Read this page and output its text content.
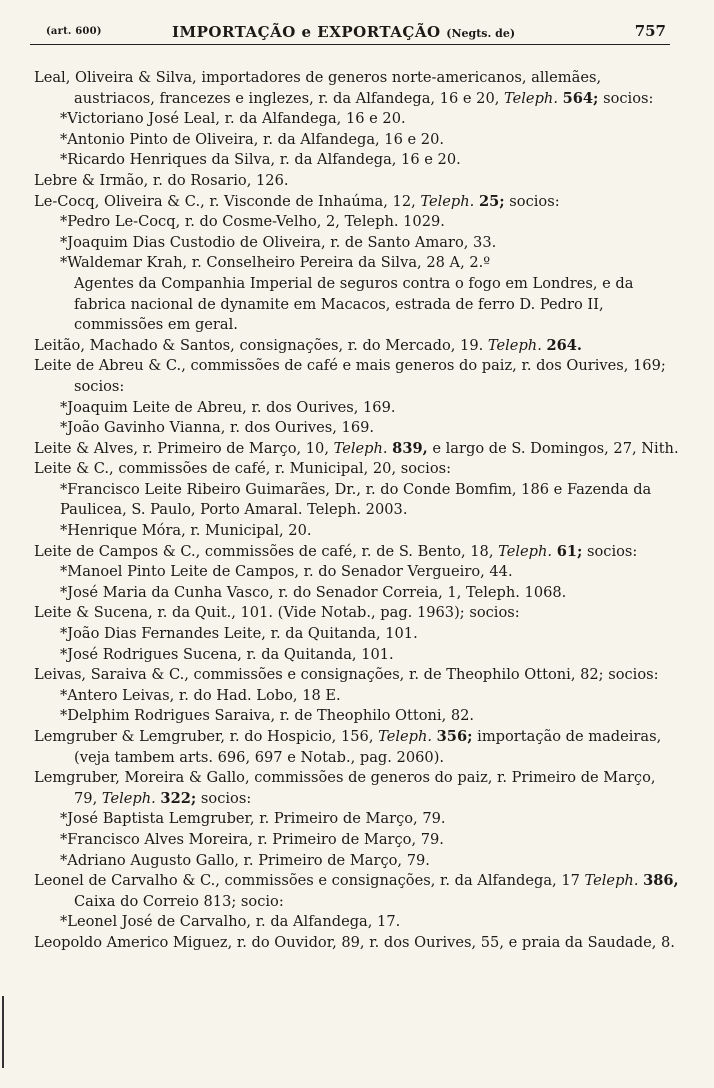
(art. 600)	IMPORTAÇÃO e EXPORTAÇÃO (Negts. de)	757
Leal, Oliveira & Silva, importadores de generos norte-americanos, allemães, austriacos, francezes e inglezes, r. da Alfandega, 16 e 20, Teleph. 564; socios:
*Victoriano José Leal, r. da Alfandega, 16 e 20.
*Antonio Pinto de Oliveira, r. da Alfandega, 16 e 20.
*Ricardo Henriques da Silva, r. da Alfandega, 16 e 20.
Lebre & Irmão, r. do Rosario, 126.
Le-Cocq, Oliveira & C., r. Visconde de Inhaúma, 12, Teleph. 25; socios:
*Pedro Le-Cocq, r. do Cosme-Velho, 2, Teleph. 1029.
*Joaquim Dias Custodio de Oliveira, r. de Santo Amaro, 33.
*Waldemar Krah, r. Conselheiro Pereira da Silva, 28 A, 2.º
Agentes da Companhia Imperial de seguros contra o fogo em Londres, e da fabrica nacional de dynamite em Macacos, estrada de ferro D. Pedro II, commissões em geral.
Leitão, Machado & Santos, consignações, r. do Mercado, 19. Teleph. 264.
Leite de Abreu & C., commissões de café e mais generos do paiz, r. dos Ourives, 169; socios:
*Joaquim Leite de Abreu, r. dos Ourives, 169.
*João Gavinho Vianna, r. dos Ourives, 169.
Leite & Alves, r. Primeiro de Março, 10, Teleph. 839, e largo de S. Domingos, 27, Nith.
Leite & C., commissões de café, r. Municipal, 20, socios:
*Francisco Leite Ribeiro Guimarães, Dr., r. do Conde Bomfim, 186 e Fazenda da Paulicea, S. Paulo, Porto Amaral. Teleph. 2003.
*Henrique Móra, r. Municipal, 20.
Leite de Campos & C., commissões de café, r. de S. Bento, 18, Teleph. 61; socios:
*Manoel Pinto Leite de Campos, r. do Senador Vergueiro, 44.
*José Maria da Cunha Vasco, r. do Senador Correia, 1, Teleph. 1068.
Leite & Sucena, r. da Quit., 101. (Vide Notab., pag. 1963); socios:
*João Dias Fernandes Leite, r. da Quitanda, 101.
*José Rodrigues Sucena, r. da Quitanda, 101.
Leivas, Saraiva & C., commissões e consignações, r. de Theophilo Ottoni, 82; socios:
*Antero Leivas, r. do Had. Lobo, 18 E.
*Delphim Rodrigues Saraiva, r. de Theophilo Ottoni, 82.
Lemgruber & Lemgruber, r. do Hospicio, 156, Teleph. 356; importação de madeiras, (veja tambem arts. 696, 697 e Notab., pag. 2060).
Lemgruber, Moreira & Gallo, commissões de generos do paiz, r. Primeiro de Março, 79, Teleph. 322; socios:
*José Baptista Lemgruber, r. Primeiro de Março, 79.
*Francisco Alves Moreira, r. Primeiro de Março, 79.
*Adriano Augusto Gallo, r. Primeiro de Março, 79.
Leonel de Carvalho & C., commissões e consignações, r. da Alfandega, 17 Teleph. 386, Caixa do Correio 813; socio:
*Leonel José de Carvalho, r. da Alfandega, 17.
Leopoldo Americo Miguez, r. do Ouvidor, 89, r. dos Ourives, 55, e praia da Saudade, 8.
